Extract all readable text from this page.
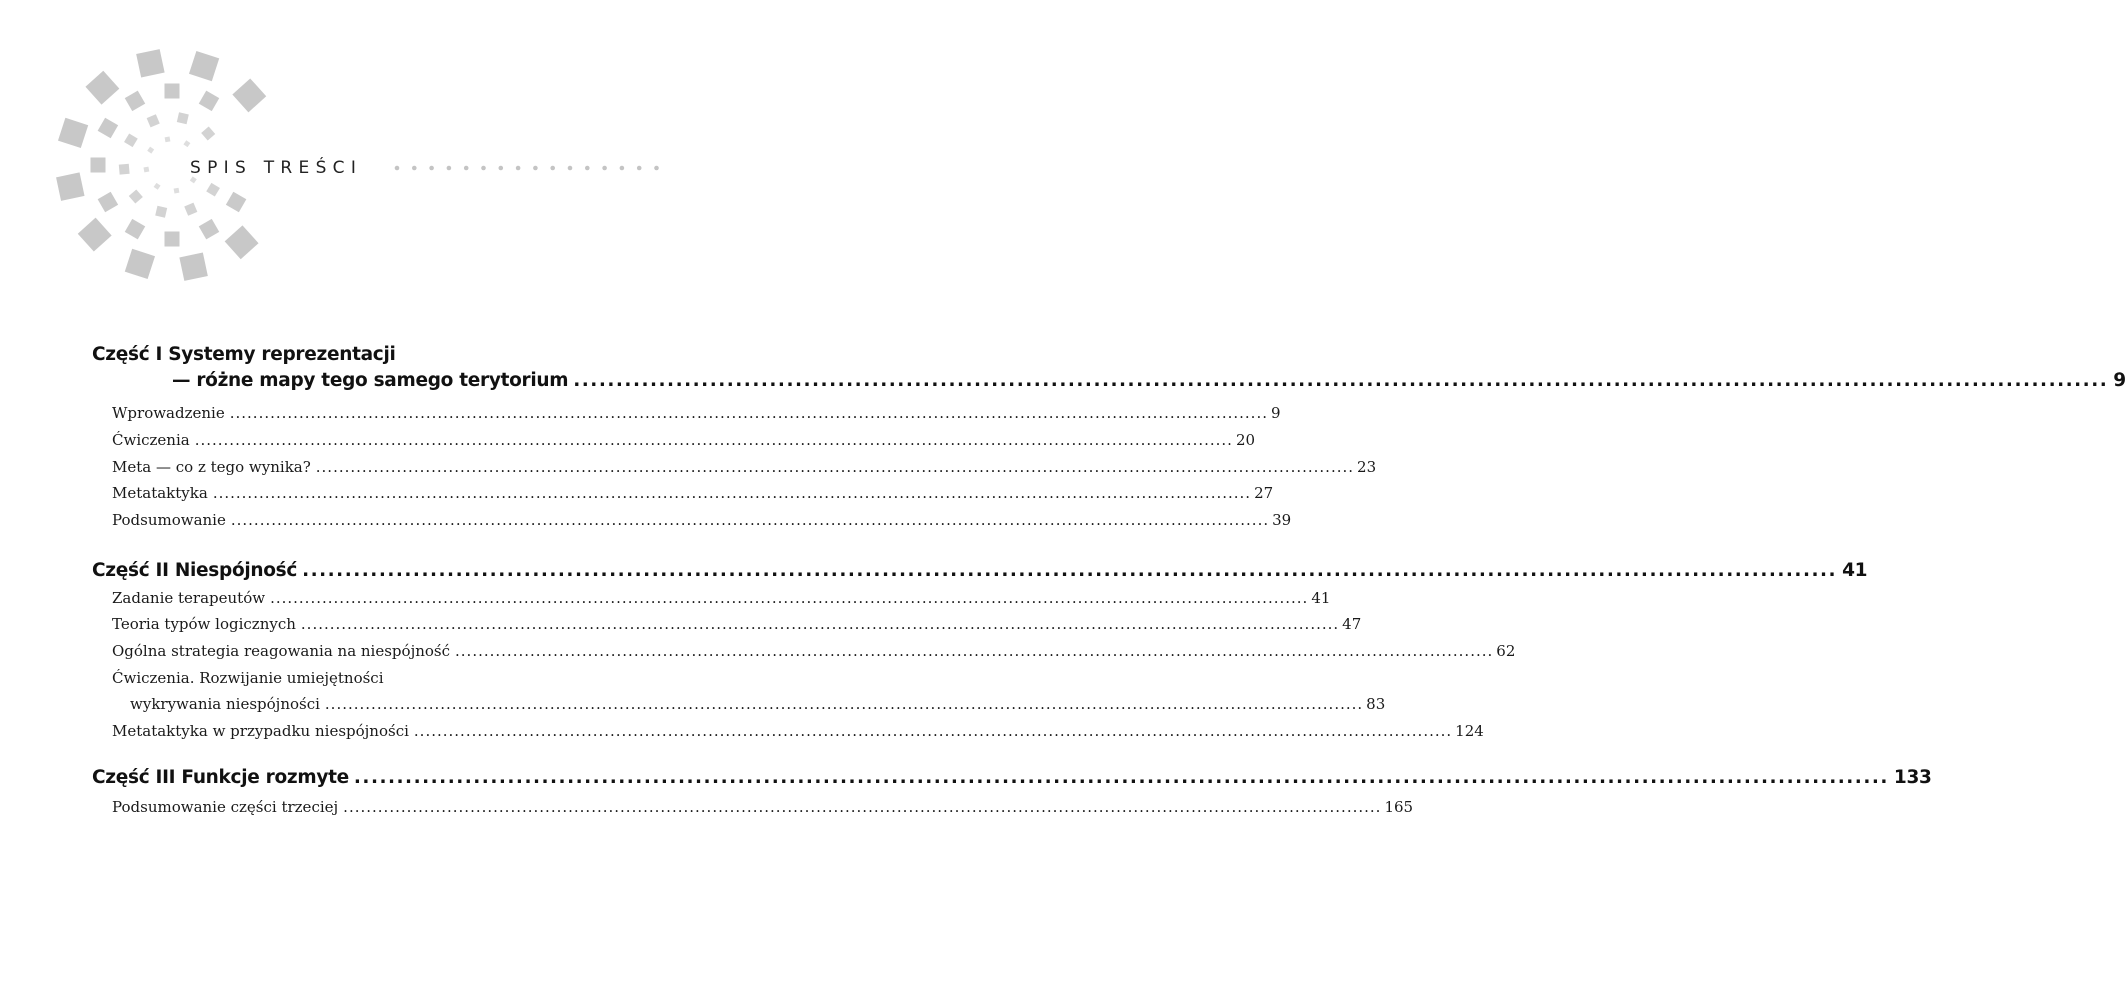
SPIS TREŚCI
Część I Systemy reprezentacji
— różne mapy tego samego terytorium .................................................................................................................................................................................... 9
Wprowadzenie .................................................................................................................................................................................... 9
Ćwiczenia .................................................................................................................................................................................... 20
Meta — co z tego wynika? .................................................................................................................................................................................... 23
Metataktyka .................................................................................................................................................................................... 27
Podsumowanie .................................................................................................................................................................................... 39
Część II Niespójność .................................................................................................................................................................................... 41
Zadanie terapeutów .................................................................................................................................................................................... 41
Teoria typów logicznych .................................................................................................................................................................................... 47
Ogólna strategia reagowania na niespójność .................................................................................................................................................................................... 62
Ćwiczenia. Rozwijanie umiejętności
wykrywania niespójności .................................................................................................................................................................................... 83
Metataktyka w przypadku niespójności .................................................................................................................................................................................... 124
Część III Funkcje rozmyte .................................................................................................................................................................................... 133
Podsumowanie części trzeciej .................................................................................................................................................................................... 165
